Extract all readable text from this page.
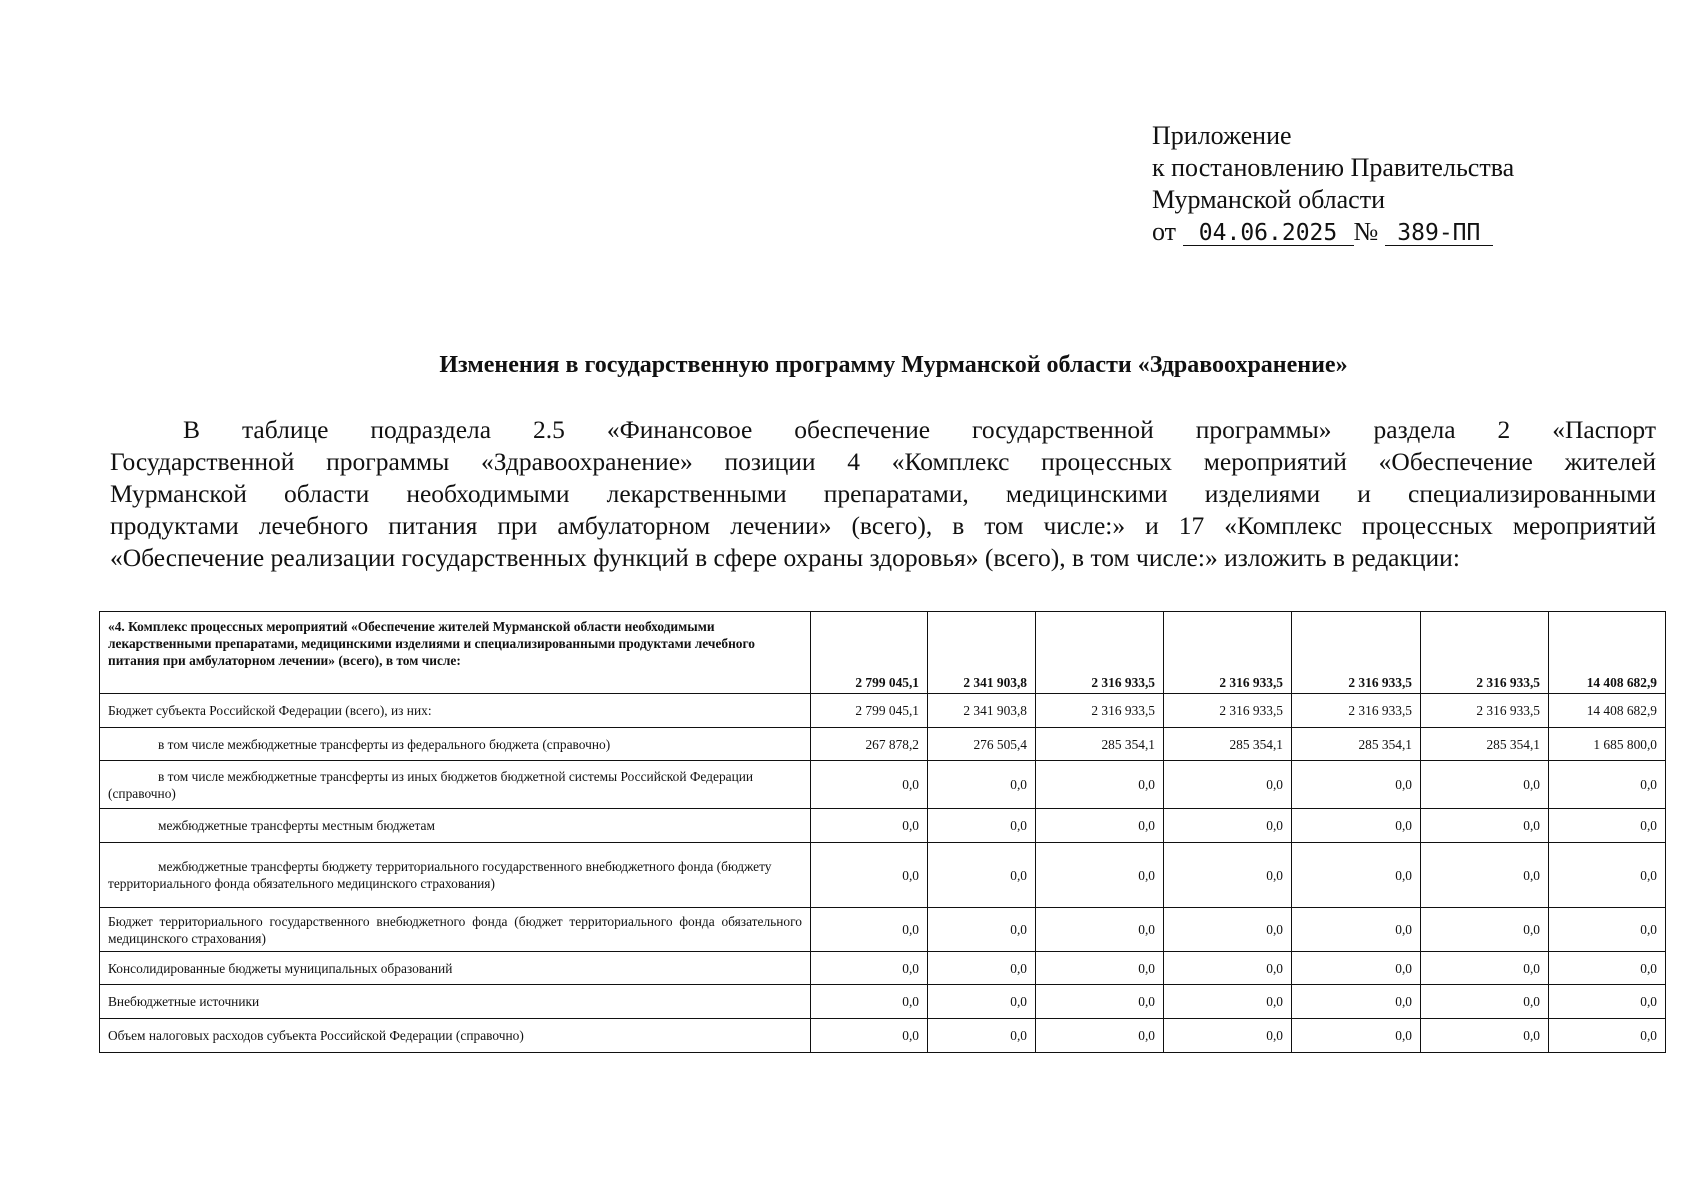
Приложение
к постановлению Правительства
Мурманской области
от 04.06.2025 № 389-ПП
Изменения в государственную программу Мурманской области «Здравоохранение»
В таблице подраздела 2.5 «Финансовое обеспечение государственной программы» раздела 2 «Паспорт
Государственной программы «Здравоохранение» позиции 4 «Комплекс процессных мероприятий «Обеспечение жителей
Мурманской области необходимыми лекарственными препаратами, медицинскими изделиями и специализированными
продуктами лечебного питания при амбулаторном лечении» (всего), в том числе:» и 17 «Комплекс процессных мероприятий
«Обеспечение реализации государственных функций в сфере охраны здоровья» (всего), в том числе:» изложить в редакции:
«4. Комплекс процессных мероприятий «Обеспечение жителей Мурманской области необходимыми лекарственными препаратами, медицинскими изделиями и специализированными продуктами лечебного питания при амбулаторном лечении» (всего), в том числе:	2 799 045,1	2 341 903,8	2 316 933,5	2 316 933,5	2 316 933,5	2 316 933,5	14 408 682,9
Бюджет субъекта Российской Федерации (всего), из них:	2 799 045,1	2 341 903,8	2 316 933,5	2 316 933,5	2 316 933,5	2 316 933,5	14 408 682,9
в том числе межбюджетные трансферты из федерального бюджета (справочно)	267 878,2	276 505,4	285 354,1	285 354,1	285 354,1	285 354,1	1 685 800,0
в том числе межбюджетные трансферты из иных бюджетов бюджетной системы Российской Федерации (справочно)	0,0	0,0	0,0	0,0	0,0	0,0	0,0
межбюджетные трансферты местным бюджетам	0,0	0,0	0,0	0,0	0,0	0,0	0,0
межбюджетные трансферты бюджету территориального государственного внебюджетного фонда (бюджету территориального фонда обязательного медицинского страхования)	0,0	0,0	0,0	0,0	0,0	0,0	0,0
Бюджет территориального государственного внебюджетного фонда (бюджет территориального фонда обязательного медицинского страхования)	0,0	0,0	0,0	0,0	0,0	0,0	0,0
Консолидированные бюджеты муниципальных образований	0,0	0,0	0,0	0,0	0,0	0,0	0,0
Внебюджетные источники	0,0	0,0	0,0	0,0	0,0	0,0	0,0
Объем налоговых расходов субъекта Российской Федерации (справочно)	0,0	0,0	0,0	0,0	0,0	0,0	0,0
